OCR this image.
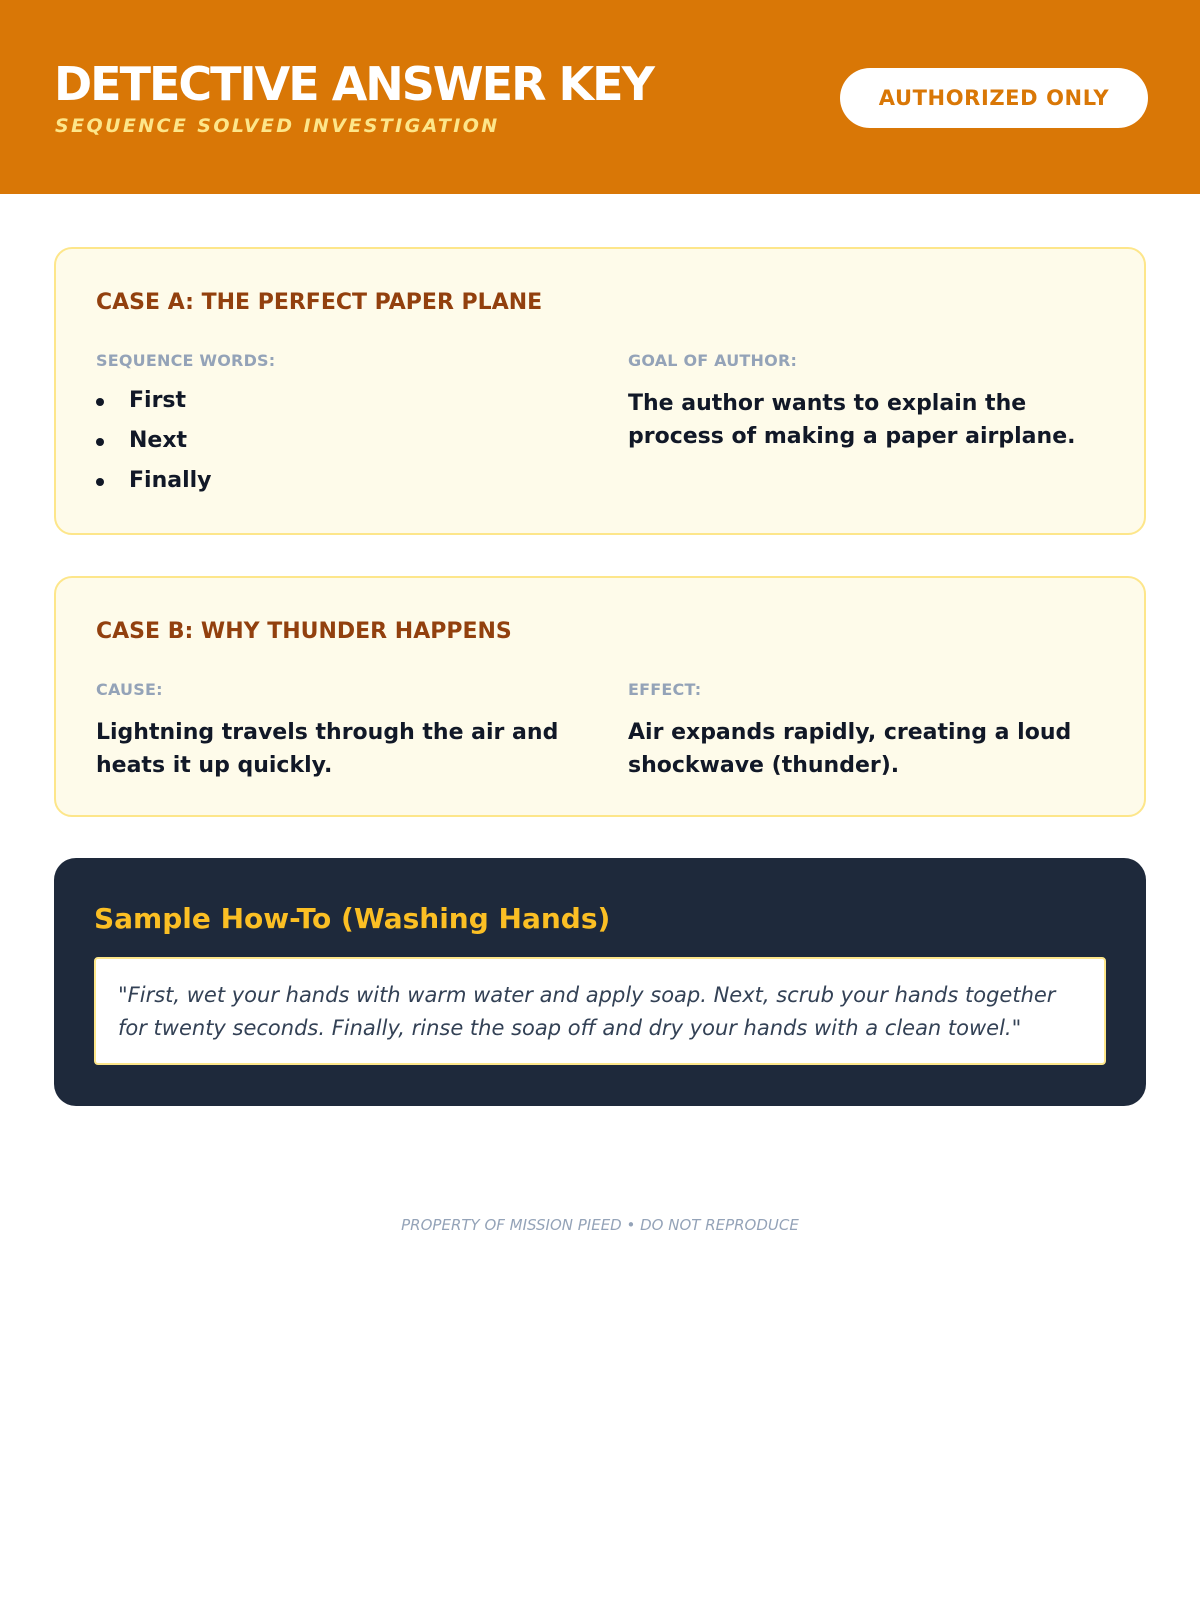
DETECTIVE ANSWER KEY
SEQUENCE SOLVED INVESTIGATION
AUTHORIZED ONLY
CASE A: THE PERFECT PAPER PLANE
SEQUENCE WORDS:
First
Next
Finally
GOAL OF AUTHOR:
The author wants to explain the process of making a paper airplane.
CASE B: WHY THUNDER HAPPENS
CAUSE:
Lightning travels through the air and heats it up quickly.
EFFECT:
Air expands rapidly, creating a loud shockwave (thunder).
Sample How-To (Washing Hands)
"First, wet your hands with warm water and apply soap. Next, scrub your hands together for twenty seconds. Finally, rinse the soap off and dry your hands with a clean towel."
PROPERTY OF MISSION PIEED • DO NOT REPRODUCE
